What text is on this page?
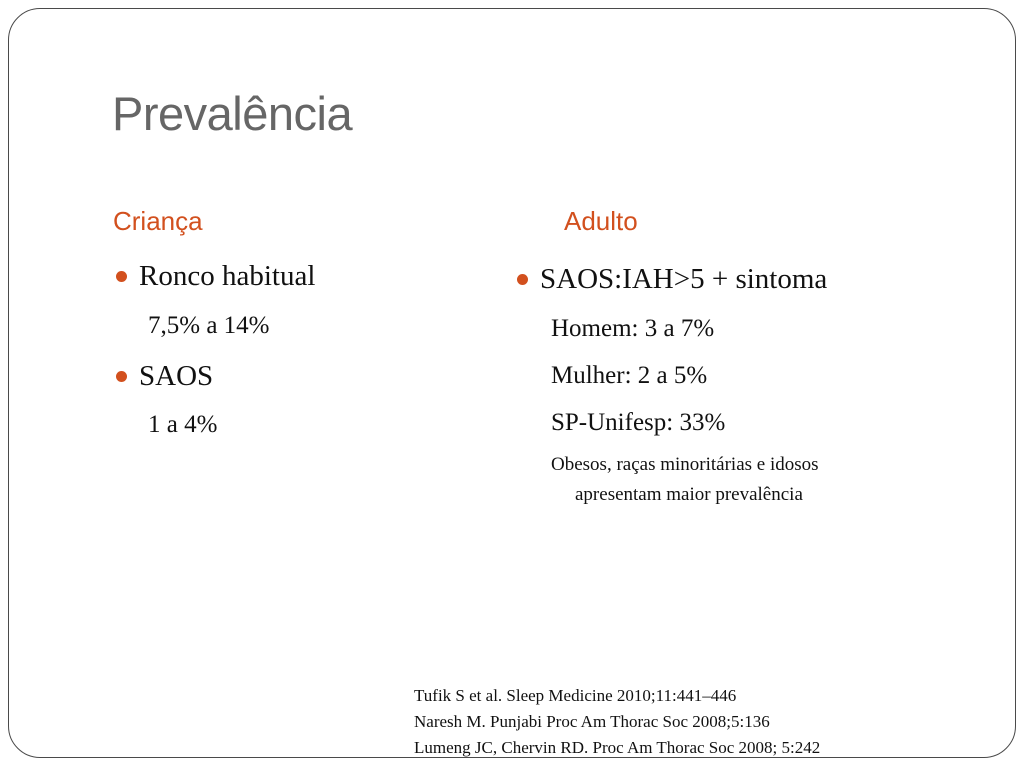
Prevalência
Criança	Adulto
Ronco habitual
7,5% a 14%
SAOS
1 a 4%
SAOS:IAH>5 + sintoma
Homem: 3 a 7%
Mulher: 2 a 5%
SP-Unifesp: 33%
Obesos, raças minoritárias e idosos
apresentam maior prevalência
Tufik S et al. Sleep Medicine 2010;11:441–446
Naresh M. Punjabi Proc Am Thorac Soc 2008;5:136
Lumeng JC, Chervin RD. Proc Am Thorac Soc 2008; 5:242
